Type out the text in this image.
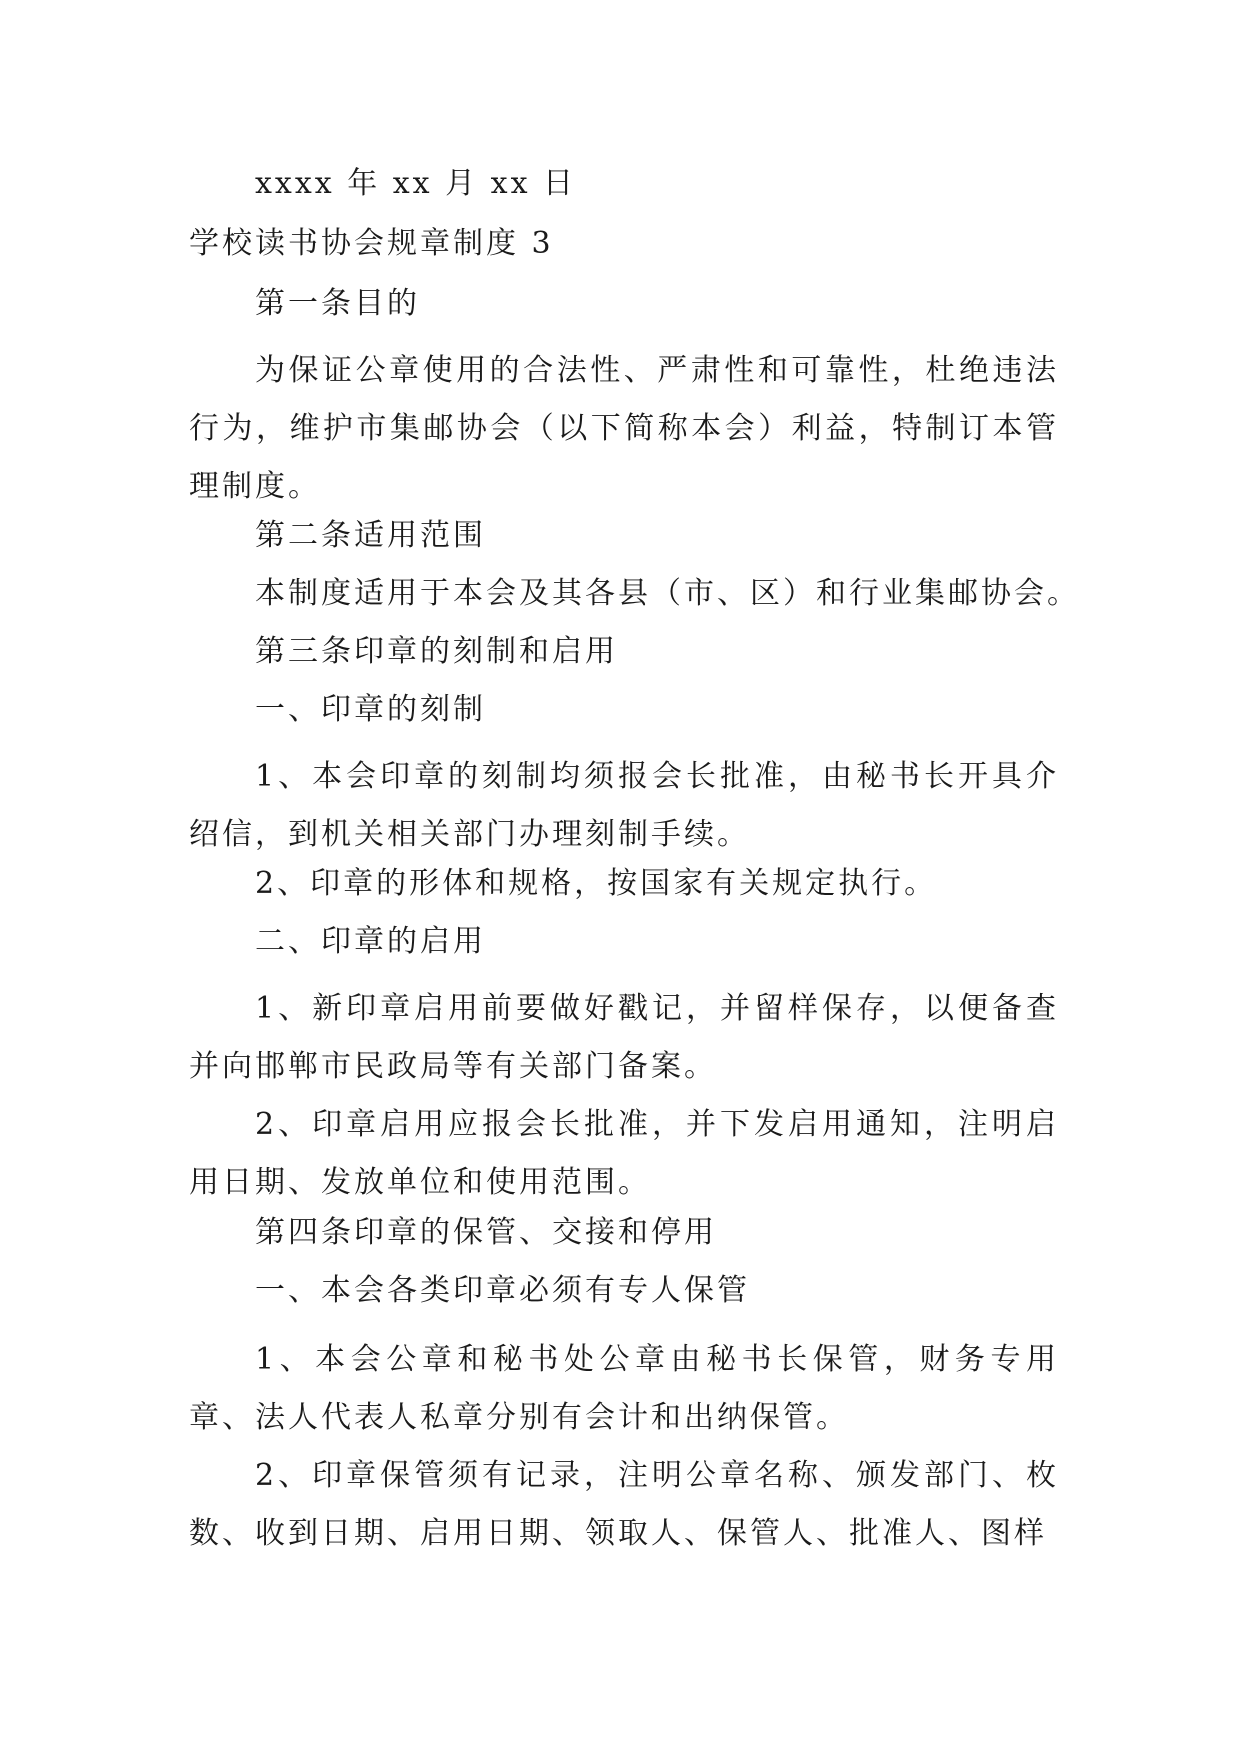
xxxx 年 xx 月 xx 日
学校读书协会规章制度 3
第一条目的

为保证公章使用的合法性、严肃性和可靠性，杜绝违法行为，维护市集邮协会（以下简称本会）利益，特制订本管理制度。

第二条适用范围
本制度适用于本会及其各县（市、区）和行业集邮协会。
第三条印章的刻制和启用
一、印章的刻制

1、本会印章的刻制均须报会长批准，由秘书长开具介绍信，到机关相关部门办理刻制手续。

2、印章的形体和规格，按国家有关规定执行。
二、印章的启用

1、新印章启用前要做好戳记，并留样保存，以便备查并向邯郸市民政局等有关部门备案。

2、印章启用应报会长批准，并下发启用通知，注明启用日期、发放单位和使用范围。

第四条印章的保管、交接和停用
一、本会各类印章必须有专人保管

1、本会公章和秘书处公章由秘书长保管，财务专用章、法人代表人私章分别有会计和出纳保管。

2、印章保管须有记录，注明公章名称、颁发部门、枚数、收到日期、启用日期、领取人、保管人、批准人、图样
